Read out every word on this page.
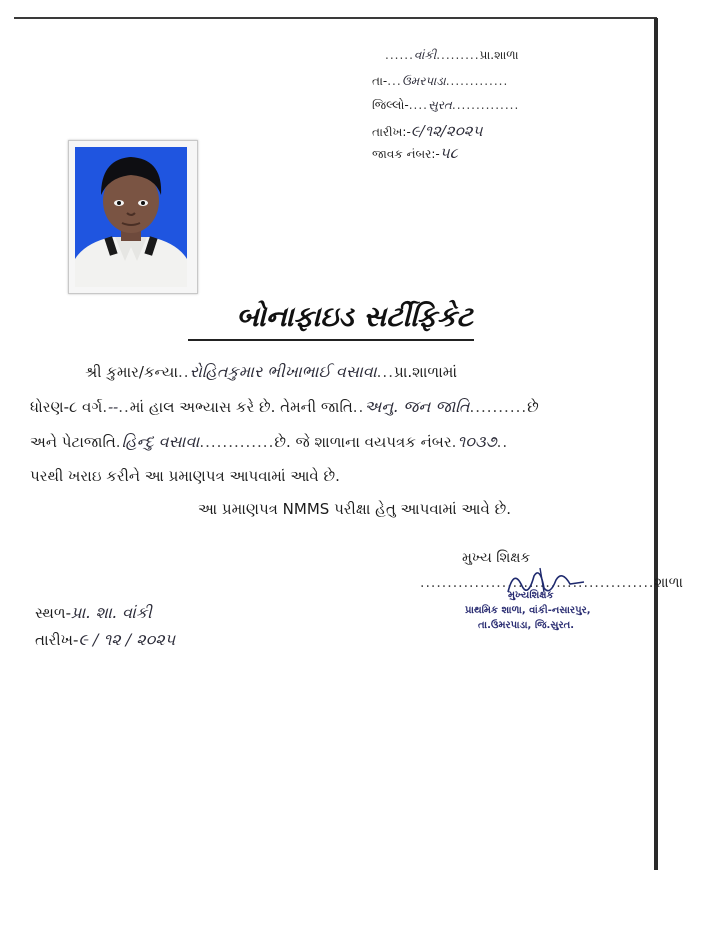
......વાંકી.........પ્રા.શાળા
તા-...ઉમરપાડા.............
જિલ્લો-....સુરત..............
તારીખ:-૯/૧૨/૨૦૨૫
જાવક નંબર:-૫૮
બોનાફાઇડ સર્ટીફિકેટ
શ્રી કુમાર/કન્યા..રોહિતકુમાર ભીખાભાઈ વસાવા...પ્રા.શાળામાં
ધોરણ-૮ વર્ગ.--..માં હાલ અભ્યાસ કરે છે. તેમની જાતિ..અનુ. જન જાતિ..........છે
અને પેટાજાતિ.હિન્દુ વસાવા.............છે. જે શાળાના વયપત્રક નંબર.૧૦૩૭..
પરથી ખરાઇ કરીને આ પ્રમાણપત્ર આપવામાં આવે છે.
આ પ્રમાણપત્ર NMMS પરીક્ષા હેતુ આપવામાં આવે છે.
મુખ્ય શિક્ષક
...........................................શાળા
મુખ્યશિક્ષક
પ્રાથમિક શાળા, વાંકી-નસારપુર,
તા.ઉમરપાડા, જિ.સુરત.
સ્થળ-પ્રા. શા. વાંકી
તારીખ-૯ / ૧૨ / ૨૦૨૫
